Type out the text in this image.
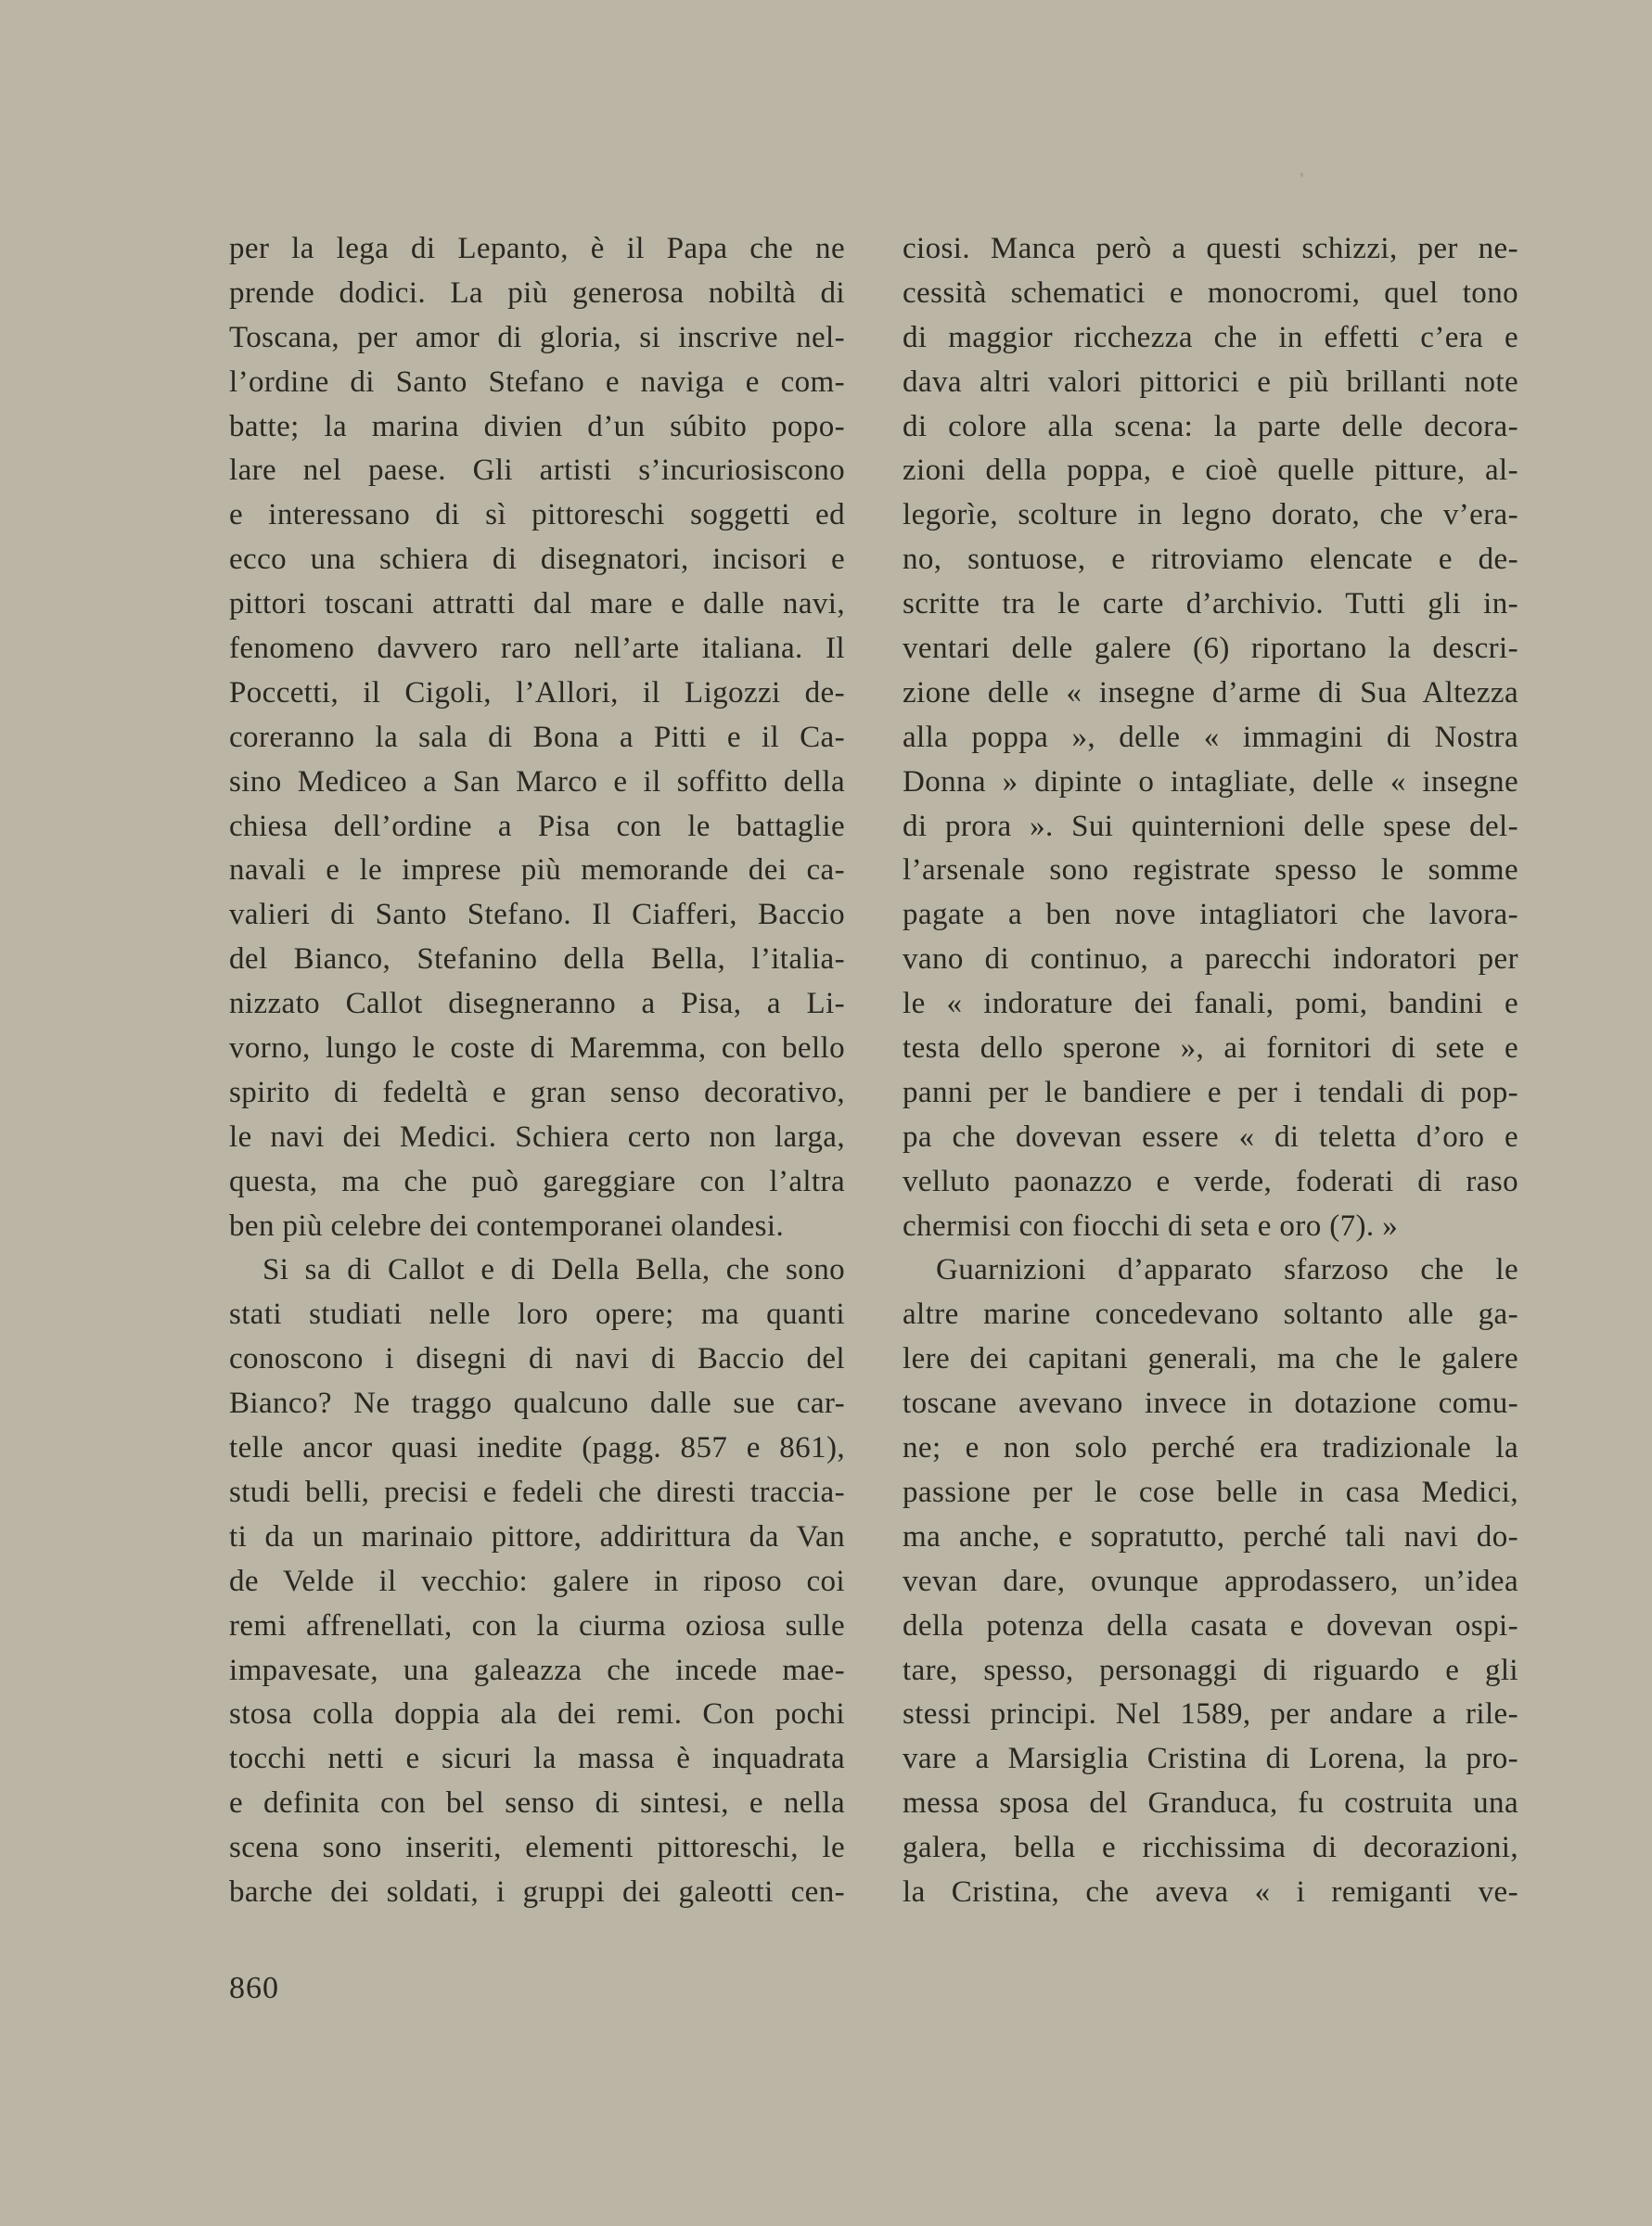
per la lega di Lepanto, è il Papa che ne
prende dodici. La più generosa nobiltà di
Toscana, per amor di gloria, si inscrive nel-
l’ordine di Santo Stefano e naviga e com-
batte; la marina divien d’un súbito popo-
lare nel paese. Gli artisti s’incuriosiscono
e interessano di sì pittoreschi soggetti ed
ecco una schiera di disegnatori, incisori e
pittori toscani attratti dal mare e dalle navi,
fenomeno davvero raro nell’arte italiana. Il
Poccetti, il Cigoli, l’Allori, il Ligozzi de-
coreranno la sala di Bona a Pitti e il Ca-
sino Mediceo a San Marco e il soffitto della
chiesa dell’ordine a Pisa con le battaglie
navali e le imprese più memorande dei ca-
valieri di Santo Stefano. Il Ciafferi, Baccio
del Bianco, Stefanino della Bella, l’italia-
nizzato Callot disegneranno a Pisa, a Li-
vorno, lungo le coste di Maremma, con bello
spirito di fedeltà e gran senso decorativo,
le navi dei Medici. Schiera certo non larga,
questa, ma che può gareggiare con l’altra
ben più celebre dei contemporanei olandesi.
Si sa di Callot e di Della Bella, che sono
stati studiati nelle loro opere; ma quanti
conoscono i disegni di navi di Baccio del
Bianco? Ne traggo qualcuno dalle sue car-
telle ancor quasi inedite (pagg. 857 e 861),
studi belli, precisi e fedeli che diresti traccia-
ti da un marinaio pittore, addirittura da Van
de Velde il vecchio: galere in riposo coi
remi affrenellati, con la ciurma oziosa sulle
impavesate, una galeazza che incede mae-
stosa colla doppia ala dei remi. Con pochi
tocchi netti e sicuri la massa è inquadrata
e definita con bel senso di sintesi, e nella
scena sono inseriti, elementi pittoreschi, le
barche dei soldati, i gruppi dei galeotti cen-
ciosi. Manca però a questi schizzi, per ne-
cessità schematici e monocromi, quel tono
di maggior ricchezza che in effetti c’era e
dava altri valori pittorici e più brillanti note
di colore alla scena: la parte delle decora-
zioni della poppa, e cioè quelle pitture, al-
legorìe, scolture in legno dorato, che v’era-
no, sontuose, e ritroviamo elencate e de-
scritte tra le carte d’archivio. Tutti gli in-
ventari delle galere (6) riportano la descri-
zione delle « insegne d’arme di Sua Altezza
alla poppa », delle « immagini di Nostra
Donna » dipinte o intagliate, delle « insegne
di prora ». Sui quinternioni delle spese del-
l’arsenale sono registrate spesso le somme
pagate a ben nove intagliatori che lavora-
vano di continuo, a parecchi indoratori per
le « indorature dei fanali, pomi, bandini e
testa dello sperone », ai fornitori di sete e
panni per le bandiere e per i tendali di pop-
pa che dovevan essere « di teletta d’oro e
velluto paonazzo e verde, foderati di raso
chermisi con fiocchi di seta e oro (7). »
Guarnizioni d’apparato sfarzoso che le
altre marine concedevano soltanto alle ga-
lere dei capitani generali, ma che le galere
toscane avevano invece in dotazione comu-
ne; e non solo perché era tradizionale la
passione per le cose belle in casa Medici,
ma anche, e sopratutto, perché tali navi do-
vevan dare, ovunque approdassero, un’idea
della potenza della casata e dovevan ospi-
tare, spesso, personaggi di riguardo e gli
stessi principi. Nel 1589, per andare a rile-
vare a Marsiglia Cristina di Lorena, la pro-
messa sposa del Granduca, fu costruita una
galera, bella e ricchissima di decorazioni,
la Cristina, che aveva « i remiganti ve-
860
